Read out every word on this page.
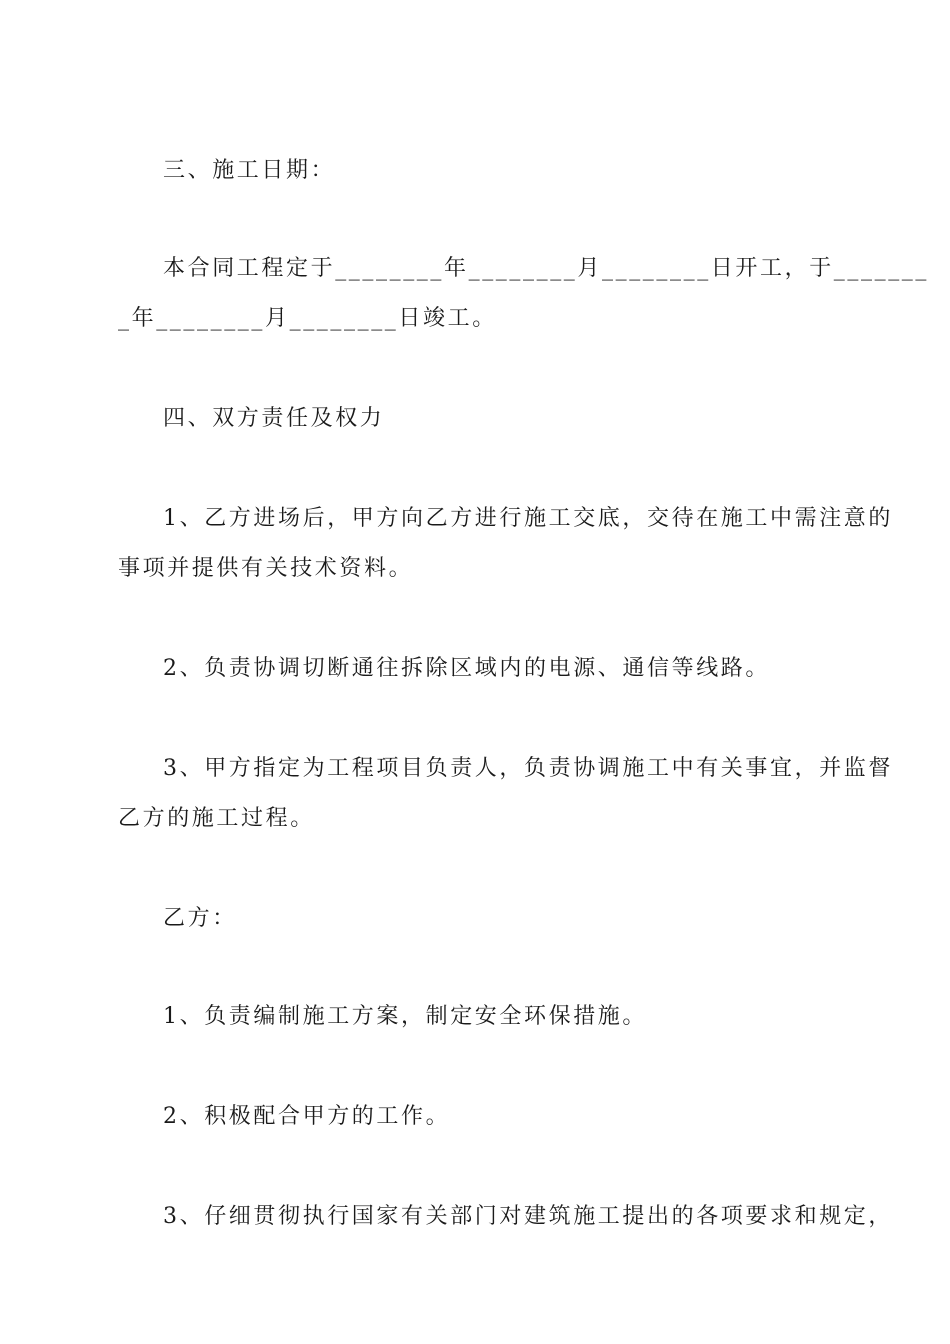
三、施工日期：
本合同工程定于________年________月________日开工，于_______
_年________月________日竣工。
四、双方责任及权力
1、乙方进场后，甲方向乙方进行施工交底，交待在施工中需注意的
事项并提供有关技术资料。
2、负责协调切断通往拆除区域内的电源、通信等线路。
3、甲方指定为工程项目负责人，负责协调施工中有关事宜，并监督
乙方的施工过程。
乙方：
1、负责编制施工方案，制定安全环保措施。
2、积极配合甲方的工作。
3、仔细贯彻执行国家有关部门对建筑施工提出的各项要求和规定，
